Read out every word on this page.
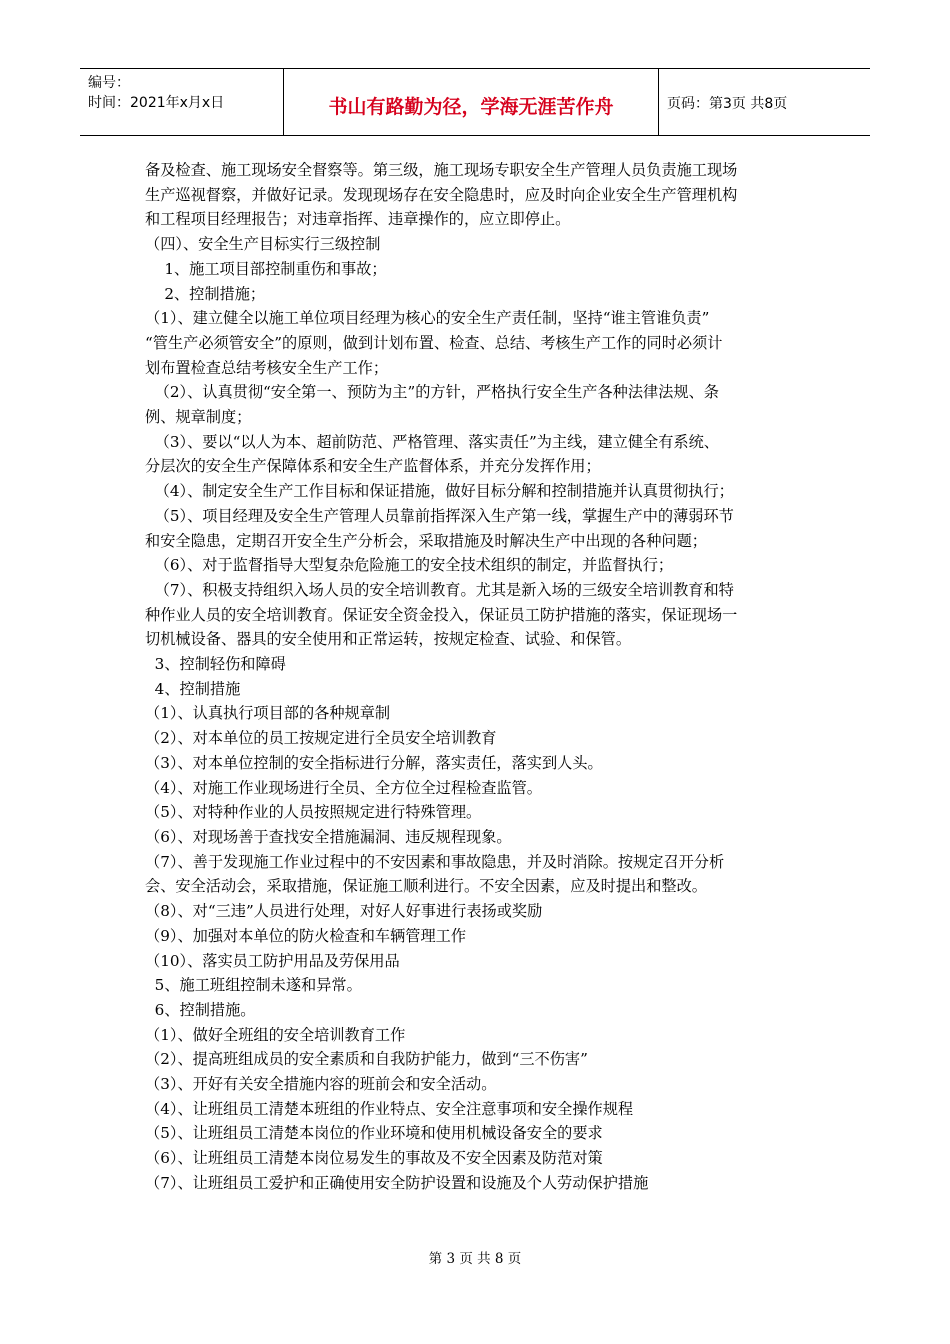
编号：
时间：2021年x月x日	书山有路勤为径，学海无涯苦作舟	页码：第3页 共8页

备及检查、施工现场安全督察等。第三级，施工现场专职安全生产管理人员负责施工现场

生产巡视督察，并做好记录。发现现场存在安全隐患时，应及时向企业安全生产管理机构

和工程项目经理报告；对违章指挥、违章操作的，应立即停止。

（四）、安全生产目标实行三级控制

1、施工项目部控制重伤和事故；

2、控制措施；

（1）、建立健全以施工单位项目经理为核心的安全生产责任制，坚持“谁主管谁负责”

“管生产必须管安全”的原则，做到计划布置、检查、总结、考核生产工作的同时必须计

划布置检查总结考核安全生产工作；

（2）、认真贯彻“安全第一、预防为主”的方针，严格执行安全生产各种法律法规、条

例、规章制度；

（3）、要以“以人为本、超前防范、严格管理、落实责任”为主线，建立健全有系统、

分层次的安全生产保障体系和安全生产监督体系，并充分发挥作用；

（4）、制定安全生产工作目标和保证措施，做好目标分解和控制措施并认真贯彻执行；

（5）、项目经理及安全生产管理人员靠前指挥深入生产第一线，掌握生产中的薄弱环节

和安全隐患，定期召开安全生产分析会，采取措施及时解决生产中出现的各种问题；

（6）、对于监督指导大型复杂危险施工的安全技术组织的制定，并监督执行；

（7）、积极支持组织入场人员的安全培训教育。尤其是新入场的三级安全培训教育和特

种作业人员的安全培训教育。保证安全资金投入，保证员工防护措施的落实，保证现场一

切机械设备、器具的安全使用和正常运转，按规定检查、试验、和保管。

3、控制轻伤和障碍

4、控制措施

（1）、认真执行项目部的各种规章制

（2）、对本单位的员工按规定进行全员安全培训教育

（3）、对本单位控制的安全指标进行分解，落实责任，落实到人头。

（4）、对施工作业现场进行全员、全方位全过程检查监管。

（5）、对特种作业的人员按照规定进行特殊管理。

（6）、对现场善于查找安全措施漏洞、违反规程现象。

（7）、善于发现施工作业过程中的不安因素和事故隐患，并及时消除。按规定召开分析

会、安全活动会，采取措施，保证施工顺利进行。不安全因素，应及时提出和整改。

（8）、对“三违”人员进行处理，对好人好事进行表扬或奖励

（9）、加强对本单位的防火检查和车辆管理工作

（10）、落实员工防护用品及劳保用品

5、施工班组控制未遂和异常。

6、控制措施。

（1）、做好全班组的安全培训教育工作

（2）、提高班组成员的安全素质和自我防护能力，做到“三不伤害”

（3）、开好有关安全措施内容的班前会和安全活动。

（4）、让班组员工清楚本班组的作业特点、安全注意事项和安全操作规程

（5）、让班组员工清楚本岗位的作业环境和使用机械设备安全的要求

（6）、让班组员工清楚本岗位易发生的事故及不安全因素及防范对策

（7）、让班组员工爱护和正确使用安全防护设置和设施及个人劳动保护措施

第 3 页 共 8 页
